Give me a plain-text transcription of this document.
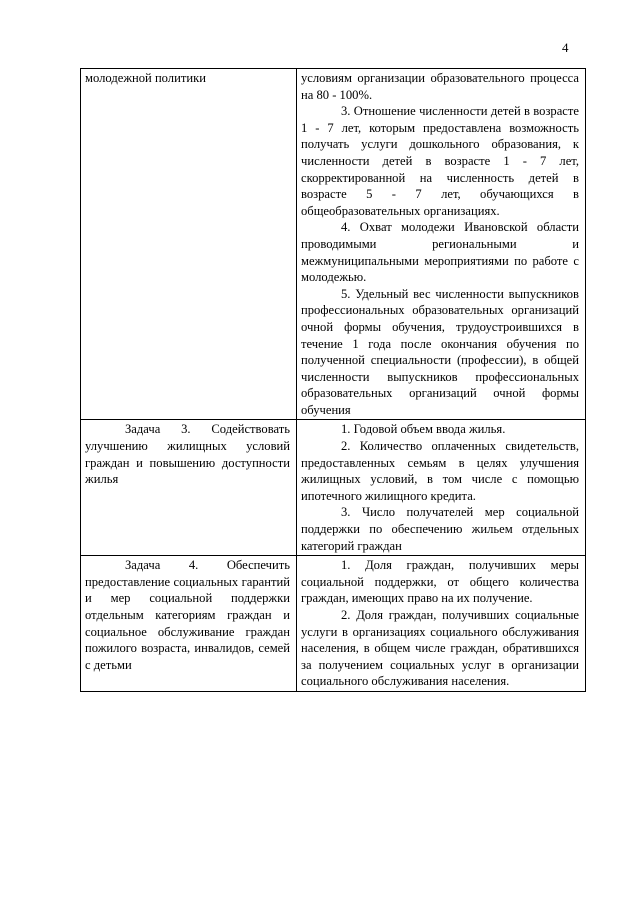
4

молодежной политики	условиям организации образовательного процесса на 80 - 100%.

3. Отношение численности детей в возрасте 1 - 7 лет, которым предоставлена возможность получать услуги дошкольного образования, к численности детей в возрасте 1 - 7 лет, скорректированной на численность детей в возрасте 5 - 7 лет, обучающихся в общеобразовательных организациях.

4. Охват молодежи Ивановской области проводимыми региональными и межмуниципальными мероприятиями по работе с молодежью.

5. Удельный вес численности выпускников профессиональных образовательных организаций очной формы обучения, трудоустроившихся в течение 1 года после окончания обучения по полученной специальности (профессии), в общей численности выпускников профессиональных образовательных организаций очной формы обучения

Задача 3. Содействовать улучшению жилищных условий граждан и повышению доступности жилья	1. Годовой объем ввода жилья.

2. Количество оплаченных свидетельств, предоставленных семьям в целях улучшения жилищных условий, в том числе с помощью ипотечного жилищного кредита.

3. Число получателей мер социальной поддержки по обеспечению жильем отдельных категорий граждан

Задача 4. Обеспечить предоставление социальных гарантий и мер социальной поддержки отдельным категориям граждан и социальное обслуживание граждан пожилого возраста, инвалидов, семей с детьми	1. Доля граждан, получивших меры социальной поддержки, от общего количества граждан, имеющих право на их получение.

2. Доля граждан, получивших социальные услуги в организациях социального обслуживания населения, в общем числе граждан, обратившихся за получением социальных услуг в организации социального обслуживания населения.
